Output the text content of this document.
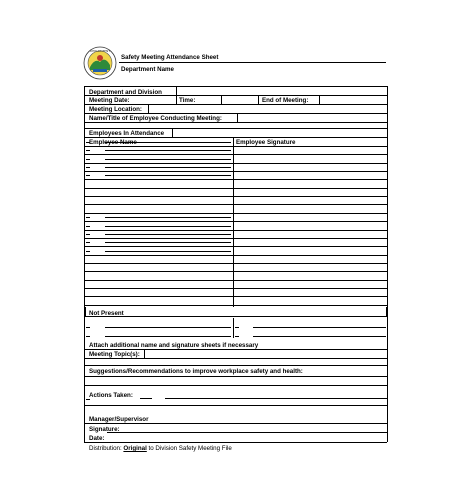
DEPARTMENT
Safety Meeting Attendance Sheet
Department Name
Department and Division
Meeting Date:	Time:	End of Meeting:
Meeting Location:
Name/Title of Employee Conducting Meeting:
Employees In Attendance
Employee Name	Employee Signature
Not Present
Attach additional name and signature sheets if necessary
Meeting Topic(s):
Suggestions/Recommendations to improve workplace safety and health:
Actions Taken:
Manager/Supervisor
Signature:
Date:
Distribution: Original to Division Safety Meeting File
